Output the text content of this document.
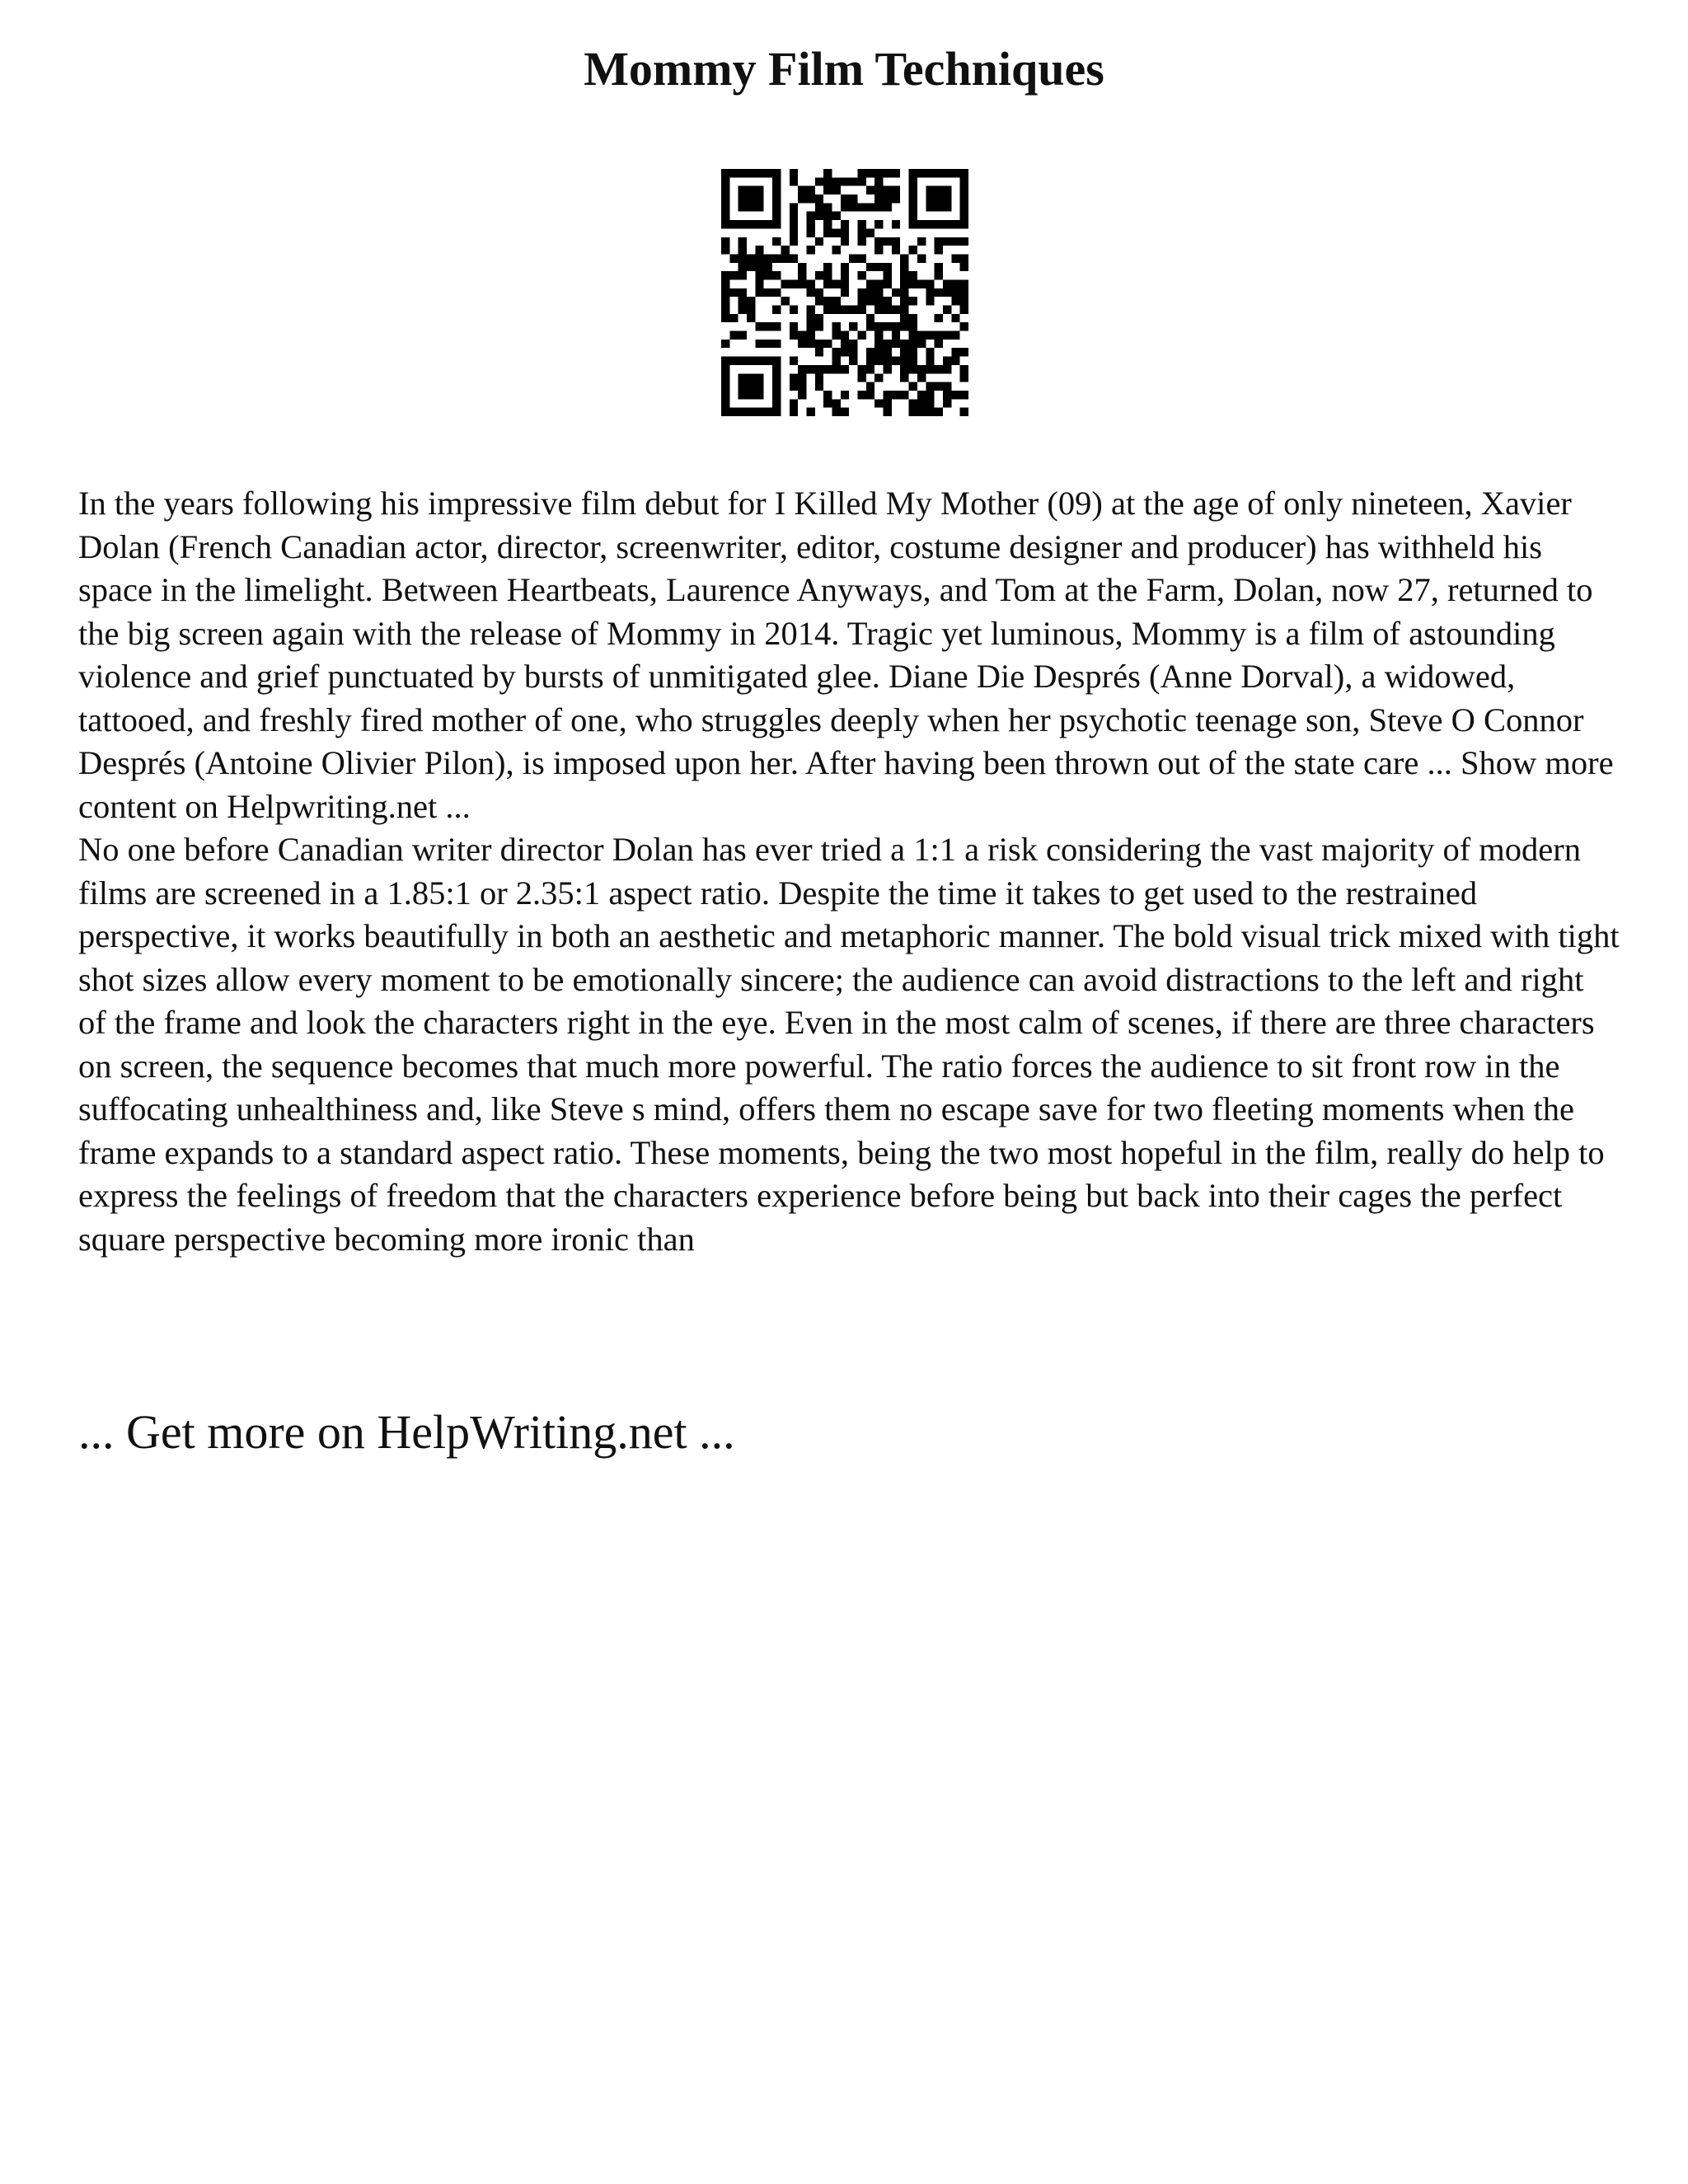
Mommy Film Techniques

In the years following his impressive film debut for I Killed My Mother (09) at the age of only nineteen, Xavier Dolan (French Canadian actor, director, screenwriter, editor, costume designer and producer) has withheld his space in the limelight. Between Heartbeats, Laurence Anyways, and Tom at the Farm, Dolan, now 27, returned to the big screen again with the release of Mommy in 2014. Tragic yet luminous, Mommy is a film of astounding violence and grief punctuated by bursts of unmitigated glee. Diane Die Després (Anne Dorval), a widowed, tattooed, and freshly fired mother of one, who struggles deeply when her psychotic teenage son, Steve O Connor Després (Antoine Olivier Pilon), is imposed upon her. After having been thrown out of the state care ... Show more content on Helpwriting.net ...

No one before Canadian writer director Dolan has ever tried a 1:1 a risk considering the vast majority of modern films are screened in a 1.85:1 or 2.35:1 aspect ratio. Despite the time it takes to get used to the restrained perspective, it works beautifully in both an aesthetic and metaphoric manner. The bold visual trick mixed with tight shot sizes allow every moment to be emotionally sincere; the audience can avoid distractions to the left and right of the frame and look the characters right in the eye. Even in the most calm of scenes, if there are three characters on screen, the sequence becomes that much more powerful. The ratio forces the audience to sit front row in the suffocating unhealthiness and, like Steve s mind, offers them no escape save for two fleeting moments when the frame expands to a standard aspect ratio. These moments, being the two most hopeful in the film, really do help to express the feelings of freedom that the characters experience before being but back into their cages the perfect square perspective becoming more ironic than

... Get more on HelpWriting.net ...
